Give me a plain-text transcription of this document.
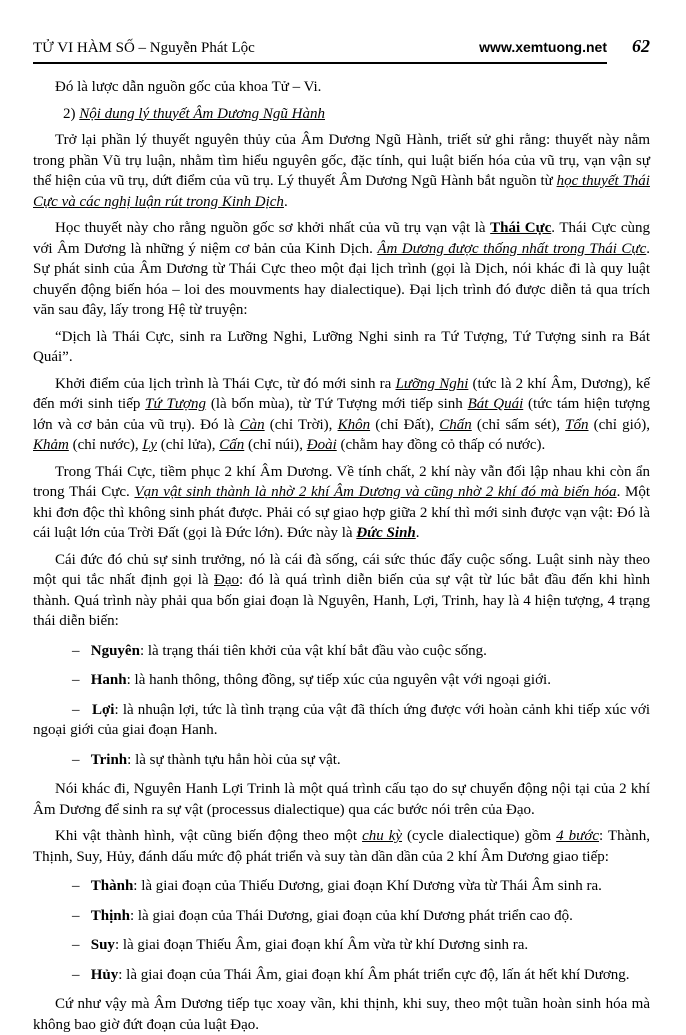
TỬ VI HÀM SỐ – Nguyễn Phát Lộc	www.xemtuong.net	62

Đó là lược dẫn nguồn gốc của khoa Tử – Vi.

2) Nội dung lý thuyết Âm Dương Ngũ Hành

Trở lại phần lý thuyết nguyên thủy của Âm Dương Ngũ Hành, triết sử ghi rằng: thuyết này nằm trong phần Vũ trụ luận, nhằm tìm hiểu nguyên gốc, đặc tính, qui luật biến hóa của vũ trụ, vạn vận sự thể hiện của vũ trụ, dứt điểm của vũ trụ. Lý thuyết Âm Dương Ngũ Hành bắt nguồn từ học thuyết Thái Cực và các nghị luận rút trong Kinh Dịch.

Học thuyết này cho rằng nguồn gốc sơ khởi nhất của vũ trụ vạn vật là Thái Cực. Thái Cực cùng với Âm Dương là những ý niệm cơ bản của Kinh Dịch. Âm Dương được thống nhất trong Thái Cực. Sự phát sinh của Âm Dương từ Thái Cực theo một đại lịch trình (gọi là Dịch, nói khác đi là quy luật chuyển động biến hóa – loi des mouvments hay dialectique). Đại lịch trình đó được diễn tả qua trích văn sau đây, lấy trong Hệ từ truyện:

“Dịch là Thái Cực, sinh ra Lưỡng Nghi, Lưỡng Nghi sinh ra Tứ Tượng, Tứ Tượng sinh ra Bát Quái”.

Khởi điểm của lịch trình là Thái Cực, từ đó mới sinh ra Lưỡng Nghi (tức là 2 khí Âm, Dương), kế đến mới sinh tiếp Tứ Tượng (là bốn mùa), từ Tứ Tượng mới tiếp sinh Bát Quái (tức tám hiện tượng lớn và cơ bản của vũ trụ). Đó là Càn (chỉ Trời), Khôn (chỉ Đất), Chấn (chỉ sấm sét), Tổn (chỉ gió), Khảm (chỉ nước), Ly (chỉ lửa), Cấn (chỉ núi), Đoài (chằm hay đồng cỏ thấp có nước).

Trong Thái Cực, tiềm phục 2 khí Âm Dương. Về tính chất, 2 khí này vẫn đối lập nhau khi còn ẩn trong Thái Cực. Vạn vật sinh thành là nhờ 2 khí Âm Dương và cũng nhờ 2 khí đó mà biến hóa. Một khi đơn độc thì không sinh phát được. Phải có sự giao hợp giữa 2 khí thì mới sinh được vạn vật: Đó là cái luật lớn của Trời Đất (gọi là Đức lớn). Đức này là Đức Sinh.

Cái đức đó chủ sự sinh trưởng, nó là cái đà sống, cái sức thúc đẩy cuộc sống. Luật sinh này theo một qui tắc nhất định gọi là Đạo: đó là quá trình diễn biến của sự vật từ lúc bắt đầu đến khi hình thành. Quá trình này phải qua bốn giai đoạn là Nguyên, Hanh, Lợi, Trinh, hay là 4 hiện tượng, 4 trạng thái diễn biến:

–   Nguyên: là trạng thái tiên khởi của vật khí bắt đầu vào cuộc sống.

–   Hanh: là hanh thông, thông đồng, sự tiếp xúc của nguyên vật với ngoại giới.

–   Lợi: là nhuận lợi, tức là tình trạng của vật đã thích ứng được với hoàn cảnh khi tiếp xúc với ngoại giới của giai đoạn Hanh.

–   Trinh: là sự thành tựu hẳn hòi của sự vật.

Nói khác đi, Nguyên Hanh Lợi Trinh là một quá trình cấu tạo do sự chuyển động nội tại của 2 khí Âm Dương để sinh ra sự vật (processus dialectique) qua các bước nói trên của Đạo.

Khi vật thành hình, vật cũng biến động theo một chu kỳ (cycle dialectique) gồm 4 bước: Thành, Thịnh, Suy, Hủy, đánh dấu mức độ phát triển và suy tàn dần dần của 2 khí Âm Dương giao tiếp:

–   Thành: là giai đoạn của Thiếu Dương, giai đoạn Khí Dương vừa từ Thái Âm sinh ra.

–   Thịnh: là giai đoạn của Thái Dương, giai đoạn của khí Dương phát triển cao độ.

–   Suy: là giai đoạn Thiếu Âm, giai đoạn khí Âm vừa từ khí Dương sinh ra.

–   Hủy: là giai đoạn của Thái Âm, giai đoạn khí Âm phát triển cực độ, lấn át hết khí Dương.

Cứ như vậy mà Âm Dương tiếp tục xoay vần, khi thịnh, khi suy, theo một tuần hoàn sinh hóa mà không bao giờ đứt đoạn của luật Đạo.
